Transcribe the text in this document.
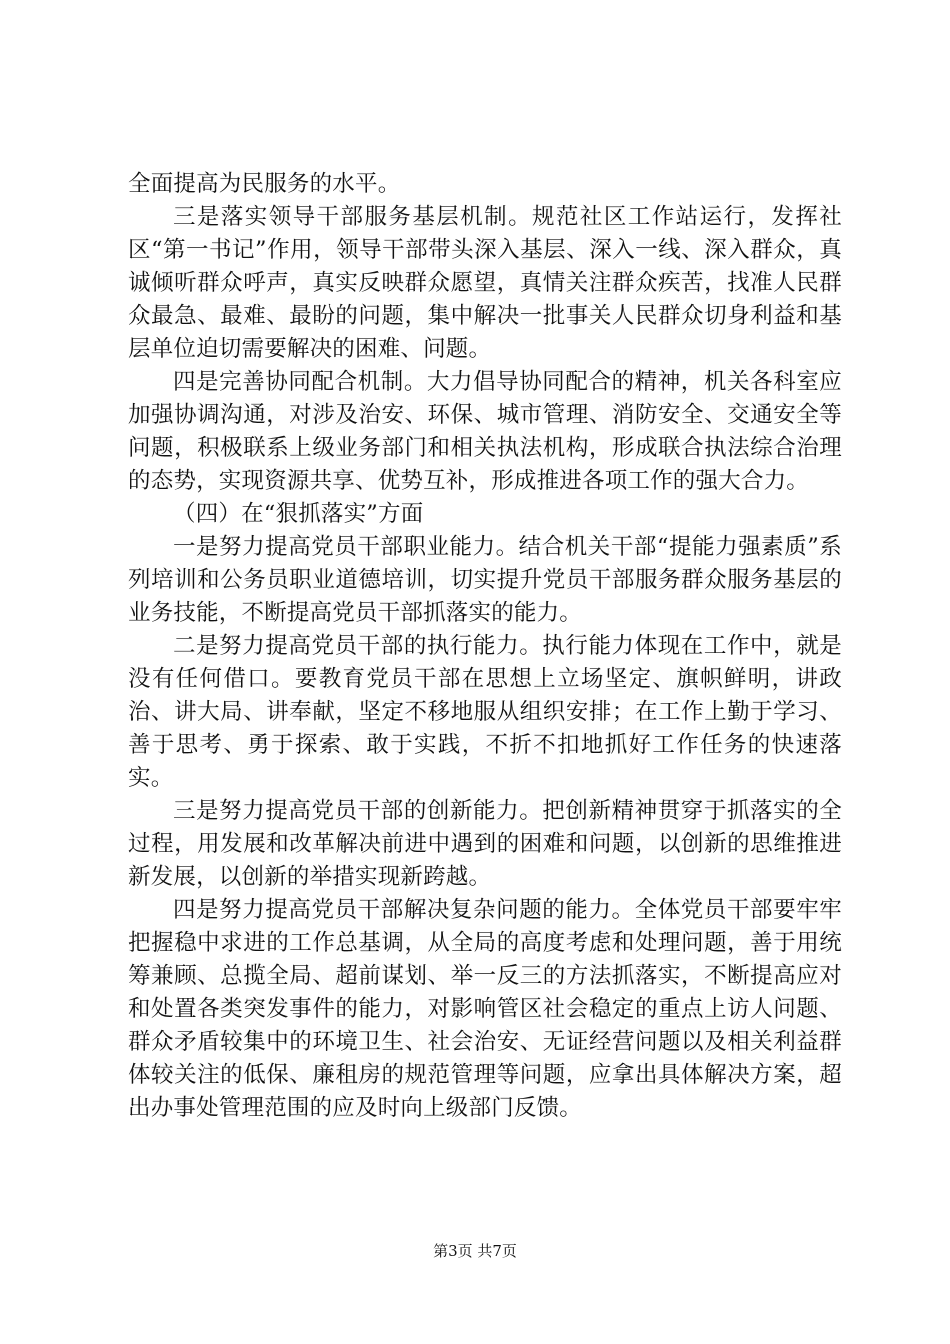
全面提高为民服务的水平。

三是落实领导干部服务基层机制。规范社区工作站运行，发挥社区“第一书记”作用，领导干部带头深入基层、深入一线、深入群众，真诚倾听群众呼声，真实反映群众愿望，真情关注群众疾苦，找准人民群众最急、最难、最盼的问题，集中解决一批事关人民群众切身利益和基层单位迫切需要解决的困难、问题。

四是完善协同配合机制。大力倡导协同配合的精神，机关各科室应加强协调沟通，对涉及治安、环保、城市管理、消防安全、交通安全等问题，积极联系上级业务部门和相关执法机构，形成联合执法综合治理的态势，实现资源共享、优势互补，形成推进各项工作的强大合力。

（四）在“狠抓落实”方面

一是努力提高党员干部职业能力。结合机关干部“提能力强素质”系列培训和公务员职业道德培训，切实提升党员干部服务群众服务基层的业务技能，不断提高党员干部抓落实的能力。

二是努力提高党员干部的执行能力。执行能力体现在工作中，就是没有任何借口。要教育党员干部在思想上立场坚定、旗帜鲜明，讲政治、讲大局、讲奉献，坚定不移地服从组织安排；在工作上勤于学习、善于思考、勇于探索、敢于实践，不折不扣地抓好工作任务的快速落实。

三是努力提高党员干部的创新能力。把创新精神贯穿于抓落实的全过程，用发展和改革解决前进中遇到的困难和问题，以创新的思维推进新发展，以创新的举措实现新跨越。

四是努力提高党员干部解决复杂问题的能力。全体党员干部要牢牢把握稳中求进的工作总基调，从全局的高度考虑和处理问题，善于用统筹兼顾、总揽全局、超前谋划、举一反三的方法抓落实，不断提高应对和处置各类突发事件的能力，对影响管区社会稳定的重点上访人问题、群众矛盾较集中的环境卫生、社会治安、无证经营问题以及相关利益群体较关注的低保、廉租房的规范管理等问题，应拿出具体解决方案，超出办事处管理范围的应及时向上级部门反馈。

第3页 共7页
